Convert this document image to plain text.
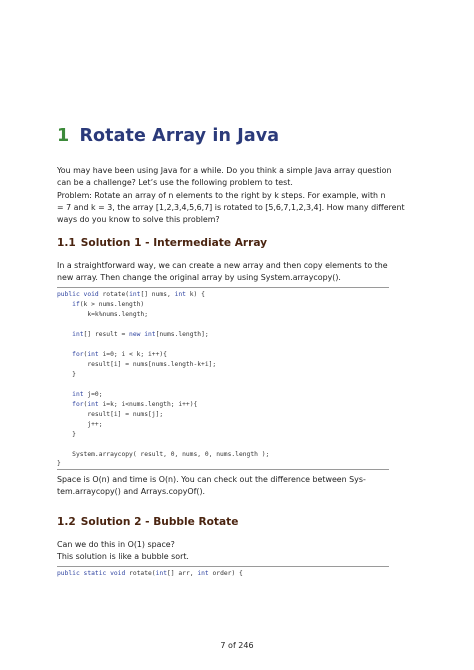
1 Rotate Array in Java
You may have been using Java for a while. Do you think a simple Java array question
can be a challenge? Let’s use the following problem to test.
Problem: Rotate an array of n elements to the right by k steps. For example, with n
= 7 and k = 3, the array [1,2,3,4,5,6,7] is rotated to [5,6,7,1,2,3,4]. How many different
ways do you know to solve this problem?
1.1 Solution 1 - Intermediate Array
In a straightforward way, we can create a new array and then copy elements to the
new array. Then change the original array by using System.arraycopy().
public void rotate(int[] nums, int k) {
if(k > nums.length)
k=k%nums.length;
int[] result = new int[nums.length];
for(int i=0; i < k; i++){
result[i] = nums[nums.length-k+i];
}
int j=0;
for(int i=k; i<nums.length; i++){
result[i] = nums[j];
j++;
}
System.arraycopy( result, 0, nums, 0, nums.length );
}
Space is O(n) and time is O(n). You can check out the difference between Sys-
tem.arraycopy() and Arrays.copyOf().
1.2 Solution 2 - Bubble Rotate
Can we do this in O(1) space?
This solution is like a bubble sort.
public static void rotate(int[] arr, int order) {
7 of 246
